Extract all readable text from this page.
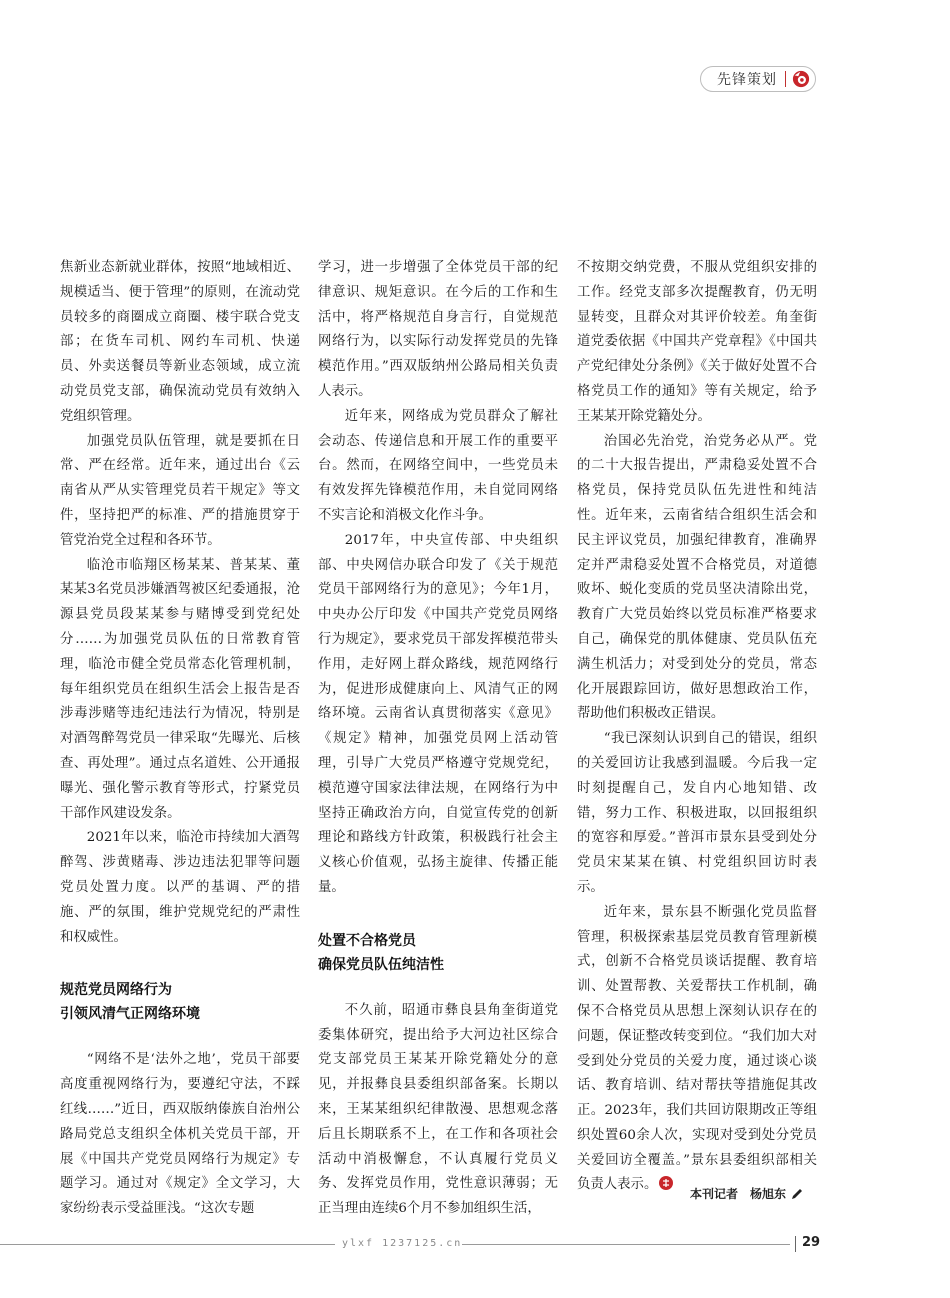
先锋策划

焦新业态新就业群体，按照“地域相近、规模适当、便于管理”的原则，在流动党员较多的商圈成立商圈、楼宇联合党支部；在货车司机、网约车司机、快递员、外卖送餐员等新业态领域，成立流动党员党支部，确保流动党员有效纳入党组织管理。

加强党员队伍管理，就是要抓在日常、严在经常。近年来，通过出台《云南省从严从实管理党员若干规定》等文件，坚持把严的标准、严的措施贯穿于管党治党全过程和各环节。

临沧市临翔区杨某某、普某某、董某某3名党员涉嫌酒驾被区纪委通报，沧源县党员段某某参与赌博受到党纪处分……为加强党员队伍的日常教育管理，临沧市健全党员常态化管理机制，每年组织党员在组织生活会上报告是否涉毒涉赌等违纪违法行为情况，特别是对酒驾醉驾党员一律采取“先曝光、后核查、再处理”。通过点名道姓、公开通报曝光、强化警示教育等形式，拧紧党员干部作风建设发条。

2021年以来，临沧市持续加大酒驾醉驾、涉黄赌毒、涉边违法犯罪等问题党员处置力度。以严的基调、严的措施、严的氛围，维护党规党纪的严肃性和权威性。

规范党员网络行为
引领风清气正网络环境

“网络不是‘法外之地’，党员干部要高度重视网络行为，要遵纪守法，不踩红线……”近日，西双版纳傣族自治州公路局党总支组织全体机关党员干部，开展《中国共产党党员网络行为规定》专题学习。通过对《规定》全文学习，大家纷纷表示受益匪浅。“这次专题

学习，进一步增强了全体党员干部的纪律意识、规矩意识。在今后的工作和生活中，将严格规范自身言行，自觉规范网络行为，以实际行动发挥党员的先锋模范作用。”西双版纳州公路局相关负责人表示。

近年来，网络成为党员群众了解社会动态、传递信息和开展工作的重要平台。然而，在网络空间中，一些党员未有效发挥先锋模范作用，未自觉同网络不实言论和消极文化作斗争。

2017年，中央宣传部、中央组织部、中央网信办联合印发了《关于规范党员干部网络行为的意见》；今年1月，中央办公厅印发《中国共产党党员网络行为规定》，要求党员干部发挥模范带头作用，走好网上群众路线，规范网络行为，促进形成健康向上、风清气正的网络环境。云南省认真贯彻落实《意见》《规定》精神，加强党员网上活动管理，引导广大党员严格遵守党规党纪，模范遵守国家法律法规，在网络行为中坚持正确政治方向，自觉宣传党的创新理论和路线方针政策，积极践行社会主义核心价值观，弘扬主旋律、传播正能量。

处置不合格党员
确保党员队伍纯洁性

不久前，昭通市彝良县角奎街道党委集体研究，提出给予大河边社区综合党支部党员王某某开除党籍处分的意见，并报彝良县委组织部备案。长期以来，王某某组织纪律散漫、思想观念落后且长期联系不上，在工作和各项社会活动中消极懈怠，不认真履行党员义务、发挥党员作用，党性意识薄弱；无正当理由连续6个月不参加组织生活，

不按期交纳党费，不服从党组织安排的工作。经党支部多次提醒教育，仍无明显转变，且群众对其评价较差。角奎街道党委依据《中国共产党章程》《中国共产党纪律处分条例》《关于做好处置不合格党员工作的通知》等有关规定，给予王某某开除党籍处分。

治国必先治党，治党务必从严。党的二十大报告提出，严肃稳妥处置不合格党员，保持党员队伍先进性和纯洁性。近年来，云南省结合组织生活会和民主评议党员，加强纪律教育，准确界定并严肃稳妥处置不合格党员，对道德败坏、蜕化变质的党员坚决清除出党，教育广大党员始终以党员标准严格要求自己，确保党的肌体健康、党员队伍充满生机活力；对受到处分的党员，常态化开展跟踪回访，做好思想政治工作，帮助他们积极改正错误。

“我已深刻认识到自己的错误，组织的关爱回访让我感到温暖。今后我一定时刻提醒自己，发自内心地知错、改错，努力工作、积极进取，以回报组织的宽容和厚爱。”普洱市景东县受到处分党员宋某某在镇、村党组织回访时表示。

近年来，景东县不断强化党员监督管理，积极探索基层党员教育管理新模式，创新不合格党员谈话提醒、教育培训、处置帮教、关爱帮扶工作机制，确保不合格党员从思想上深刻认识存在的问题，保证整改转变到位。“我们加大对受到处分党员的关爱力度，通过谈心谈话、教育培训、结对帮扶等措施促其改正。2023年，我们共回访限期改正等组织处置60余人次，实现对受到处分党员关爱回访全覆盖。”景东县委组织部相关负责人表示。

本刊记者　杨旭东
ylxf 1237125.cn	29
